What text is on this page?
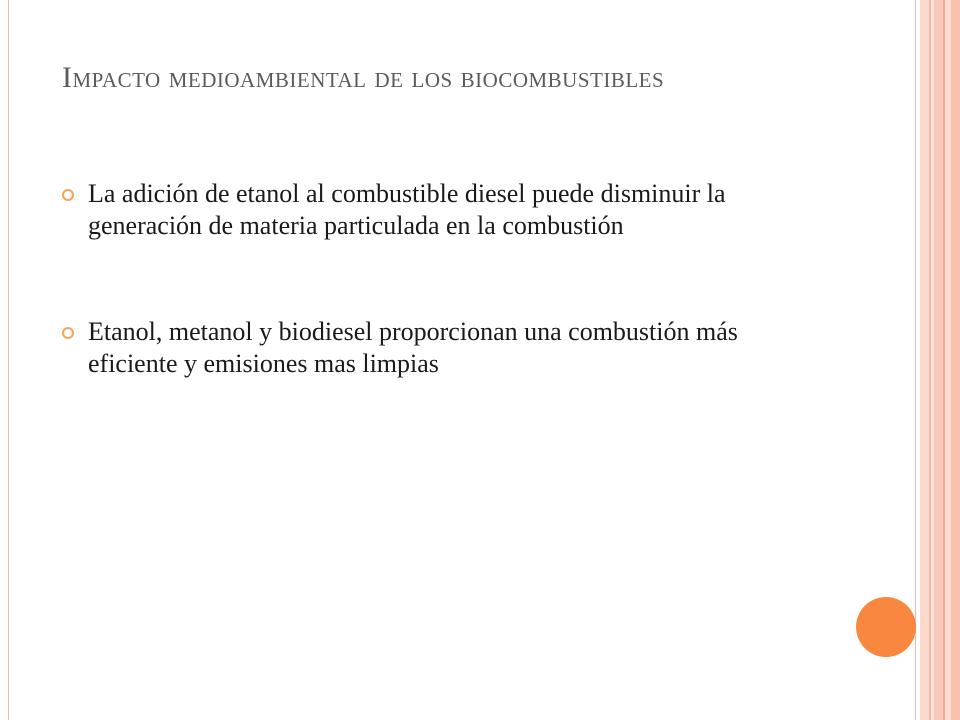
Impacto medioambiental de los biocombustibles
La adición de etanol al combustible diesel puede disminuir la generación de materia particulada en la combustión
Etanol, metanol y biodiesel proporcionan una combustión más eficiente y emisiones mas limpias
